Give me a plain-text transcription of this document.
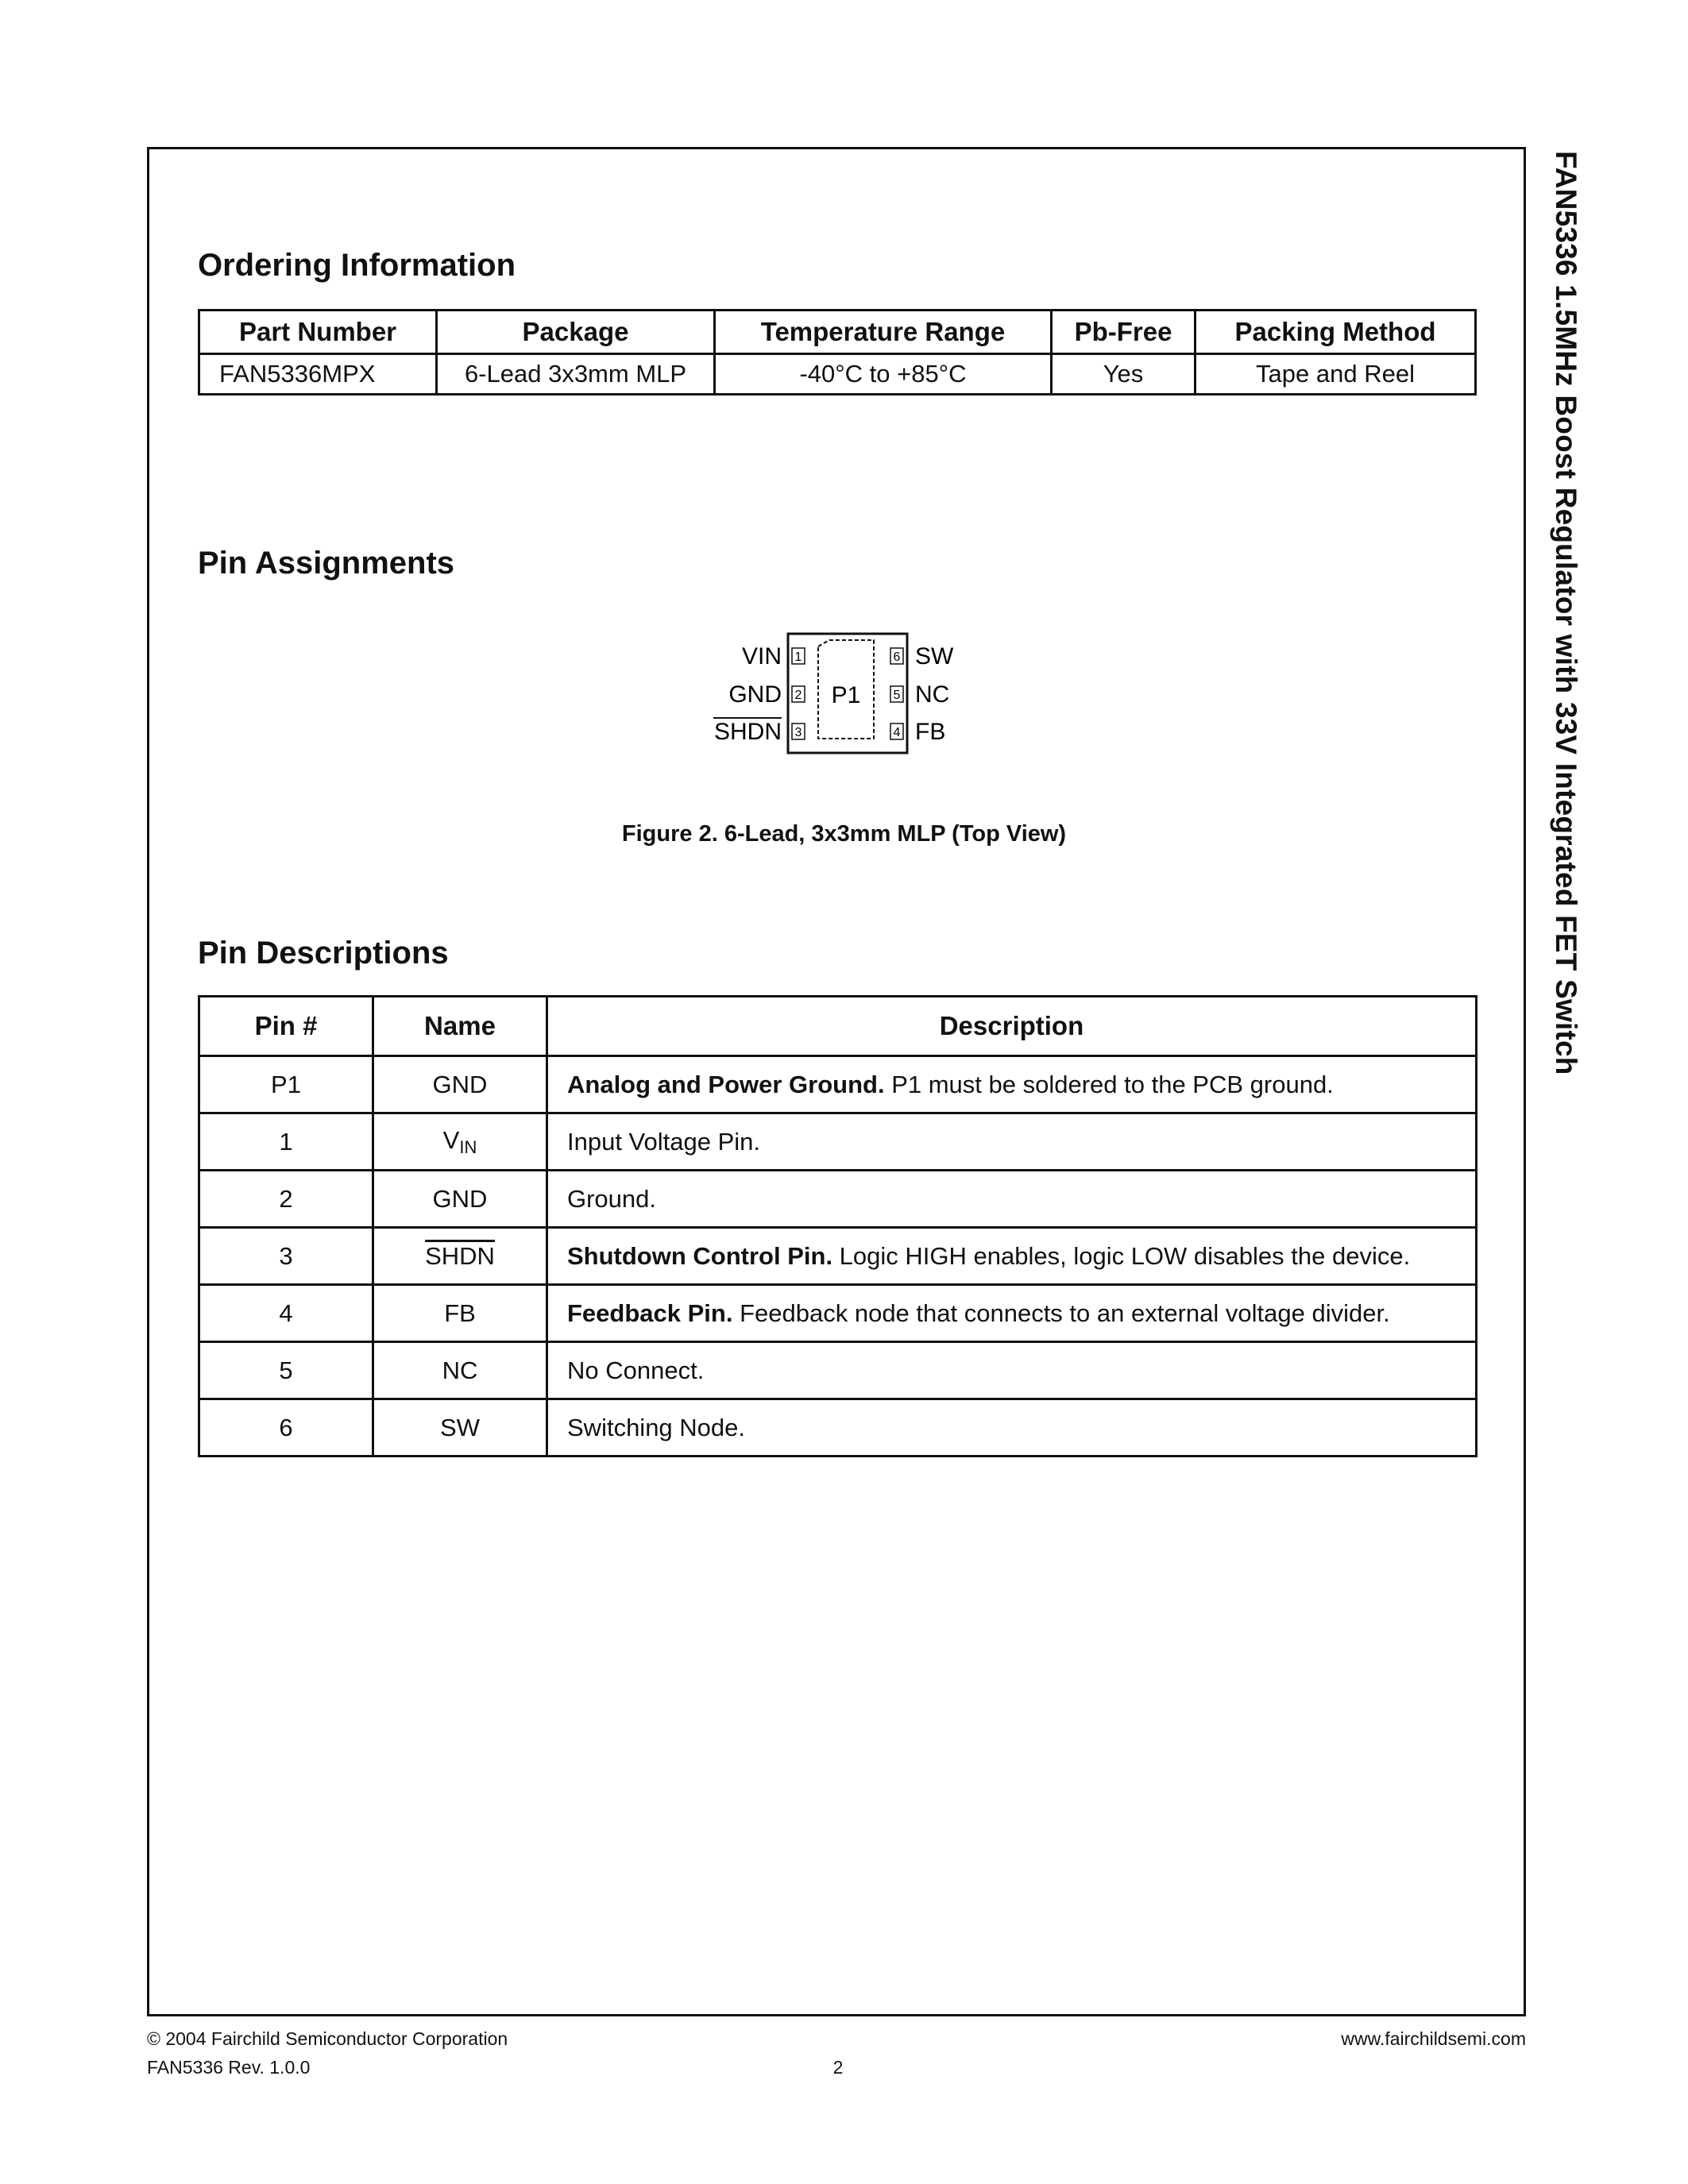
FAN5336 1.5MHz Boost Regulator with 33V Integrated FET Switch
Ordering Information
Part Number	Package	Temperature Range	Pb-Free	Packing Method
FAN5336MPX	6-Lead 3x3mm MLP	-40°C to +85°C	Yes	Tape and Reel
Pin Assignments
P1
1
2
3
6
5
4
VIN
GND
SHDN
SW
NC
FB
Figure 2. 6-Lead, 3x3mm MLP (Top View)
Pin Descriptions
Pin #	Name	Description
P1	GND	Analog and Power Ground. P1 must be soldered to the PCB ground.
1	$V_{IN}$	Input Voltage Pin.
2	GND	Ground.
3	SHDN	Shutdown Control Pin. Logic HIGH enables, logic LOW disables the device.
4	FB	Feedback Pin. Feedback node that connects to an external voltage divider.
5	NC	No Connect.
6	SW	Switching Node.
© 2004 Fairchild Semiconductor Corporation
FAN5336 Rev. 1.0.0	2
www.fairchildsemi.com
